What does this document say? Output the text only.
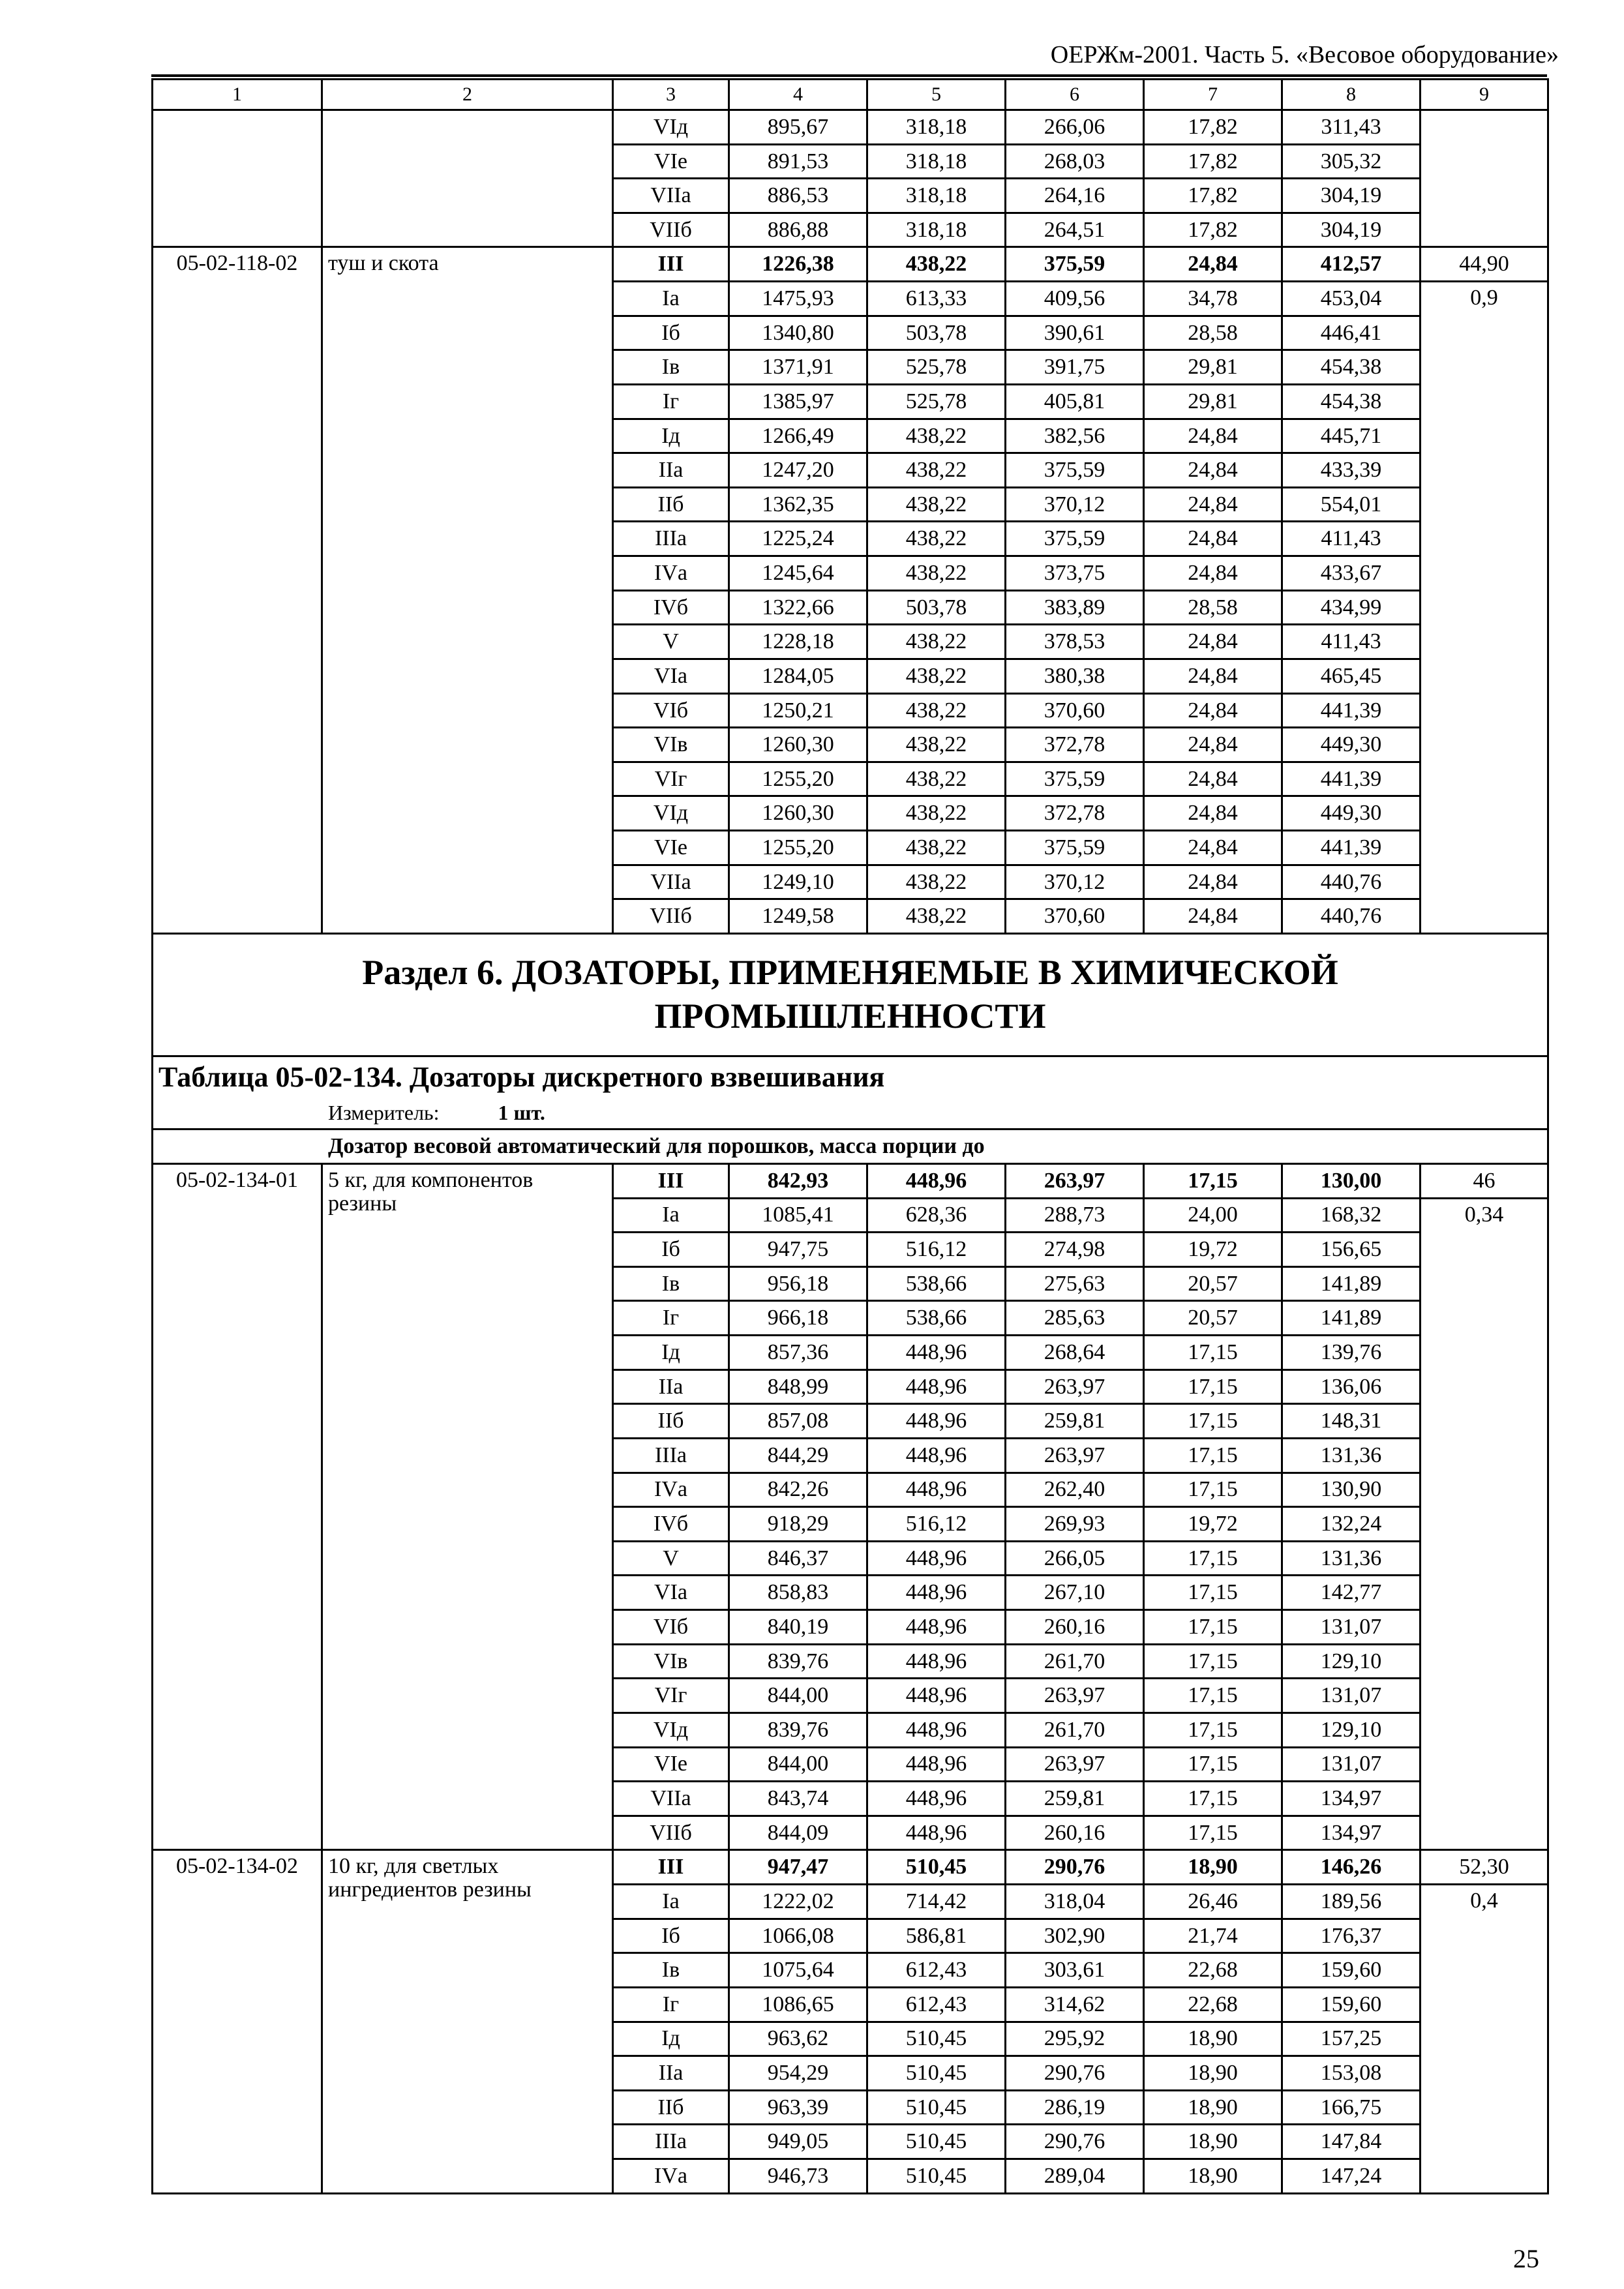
ОЕРЖм-2001. Часть 5. «Весовое оборудование»
1	2	3	4	5	6	7	8	9
		VIд	895,67	318,18	266,06	17,82	311,43	
		VIе	891,53	318,18	268,03	17,82	305,32	
		VIIа	886,53	318,18	264,16	17,82	304,19	
		VIIб	886,88	318,18	264,51	17,82	304,19	
05-02-118-02	туш и скота	III	1226,38	438,22	375,59	24,84	412,57	44,90
		Iа	1475,93	613,33	409,56	34,78	453,04	0,9
		Iб	1340,80	503,78	390,61	28,58	446,41	
		Iв	1371,91	525,78	391,75	29,81	454,38	
		Iг	1385,97	525,78	405,81	29,81	454,38	
		Iд	1266,49	438,22	382,56	24,84	445,71	
		IIа	1247,20	438,22	375,59	24,84	433,39	
		IIб	1362,35	438,22	370,12	24,84	554,01	
		IIIа	1225,24	438,22	375,59	24,84	411,43	
		IVа	1245,64	438,22	373,75	24,84	433,67	
		IVб	1322,66	503,78	383,89	28,58	434,99	
		V	1228,18	438,22	378,53	24,84	411,43	
		VIа	1284,05	438,22	380,38	24,84	465,45	
		VIб	1250,21	438,22	370,60	24,84	441,39	
		VIв	1260,30	438,22	372,78	24,84	449,30	
		VIг	1255,20	438,22	375,59	24,84	441,39	
		VIд	1260,30	438,22	372,78	24,84	449,30	
		VIе	1255,20	438,22	375,59	24,84	441,39	
		VIIа	1249,10	438,22	370,12	24,84	440,76	
		VIIб	1249,58	438,22	370,60	24,84	440,76	

Раздел 6. ДОЗАТОРЫ, ПРИМЕНЯЕМЫЕ В ХИМИЧЕСКОЙ
ПРОМЫШЛЕННОСТИ								

Таблица 05-02-134. Дозаторы дискретного взвешивания								
Измеритель: 1 шт.								
Дозатор весовой автоматический для порошков, масса порции до								
05-02-134-01	5 кг, для компонентов резины	III	842,93	448,96	263,97	17,15	130,00	46
		Iа	1085,41	628,36	288,73	24,00	168,32	0,34
		Iб	947,75	516,12	274,98	19,72	156,65	
		Iв	956,18	538,66	275,63	20,57	141,89	
		Iг	966,18	538,66	285,63	20,57	141,89	
		Iд	857,36	448,96	268,64	17,15	139,76	
		IIа	848,99	448,96	263,97	17,15	136,06	
		IIб	857,08	448,96	259,81	17,15	148,31	
		IIIа	844,29	448,96	263,97	17,15	131,36	
		IVа	842,26	448,96	262,40	17,15	130,90	
		IVб	918,29	516,12	269,93	19,72	132,24	
		V	846,37	448,96	266,05	17,15	131,36	
		VIа	858,83	448,96	267,10	17,15	142,77	
		VIб	840,19	448,96	260,16	17,15	131,07	
		VIв	839,76	448,96	261,70	17,15	129,10	
		VIг	844,00	448,96	263,97	17,15	131,07	
		VIд	839,76	448,96	261,70	17,15	129,10	
		VIе	844,00	448,96	263,97	17,15	131,07	
		VIIа	843,74	448,96	259,81	17,15	134,97	
		VIIб	844,09	448,96	260,16	17,15	134,97	
05-02-134-02	10 кг, для светлых ингредиентов резины	III	947,47	510,45	290,76	18,90	146,26	52,30
		Iа	1222,02	714,42	318,04	26,46	189,56	0,4
		Iб	1066,08	586,81	302,90	21,74	176,37	
		Iв	1075,64	612,43	303,61	22,68	159,60	
		Iг	1086,65	612,43	314,62	22,68	159,60	
		Iд	963,62	510,45	295,92	18,90	157,25	
		IIа	954,29	510,45	290,76	18,90	153,08	
		IIб	963,39	510,45	286,19	18,90	166,75	
		IIIа	949,05	510,45	290,76	18,90	147,84	
		IVа	946,73	510,45	289,04	18,90	147,24	
25
